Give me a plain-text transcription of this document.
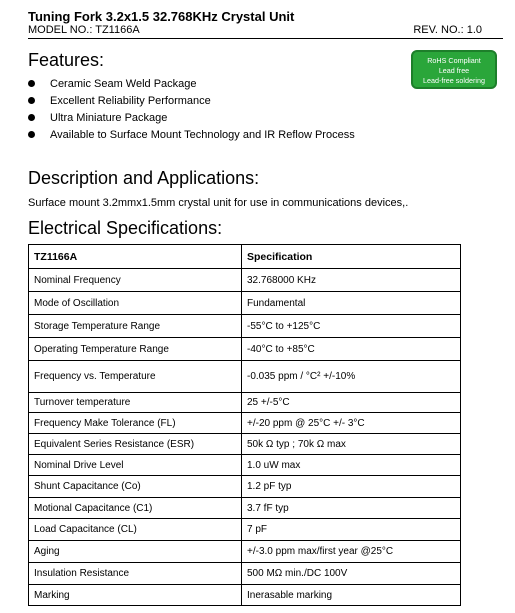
Tuning Fork 3.2x1.5 32.768KHz Crystal Unit
MODEL NO.: TZ1166A	REV. NO.: 1.0
RoHS Compliant
Lead free
Lead-free soldering
Features:
Ceramic Seam Weld Package
Excellent Reliability Performance
Ultra Miniature Package
Available to Surface Mount Technology and IR Reflow Process
Description and Applications:
Surface mount 3.2mmx1.5mm crystal unit for use in communications devices,.
Electrical Specifications:
TZ1166A	Specification
Nominal Frequency	32.768000 KHz
Mode of Oscillation	Fundamental
Storage Temperature Range	-55°C to +125°C
Operating Temperature Range	-40°C to +85°C
Frequency vs. Temperature	-0.035 ppm / °C² +/-10%
Turnover temperature	25 +/-5°C
Frequency Make Tolerance (FL)	+/-20 ppm @ 25°C +/- 3°C
Equivalent Series Resistance (ESR)	50k Ω typ ; 70k Ω max
Nominal Drive Level	1.0 uW max
Shunt Capacitance (Co)	1.2 pF typ
Motional Capacitance (C1)	3.7 fF typ
Load Capacitance (CL)	7 pF
Aging	+/-3.0 ppm max/first year @25°C
Insulation Resistance	500 MΩ min./DC 100V
Marking	Inerasable marking
